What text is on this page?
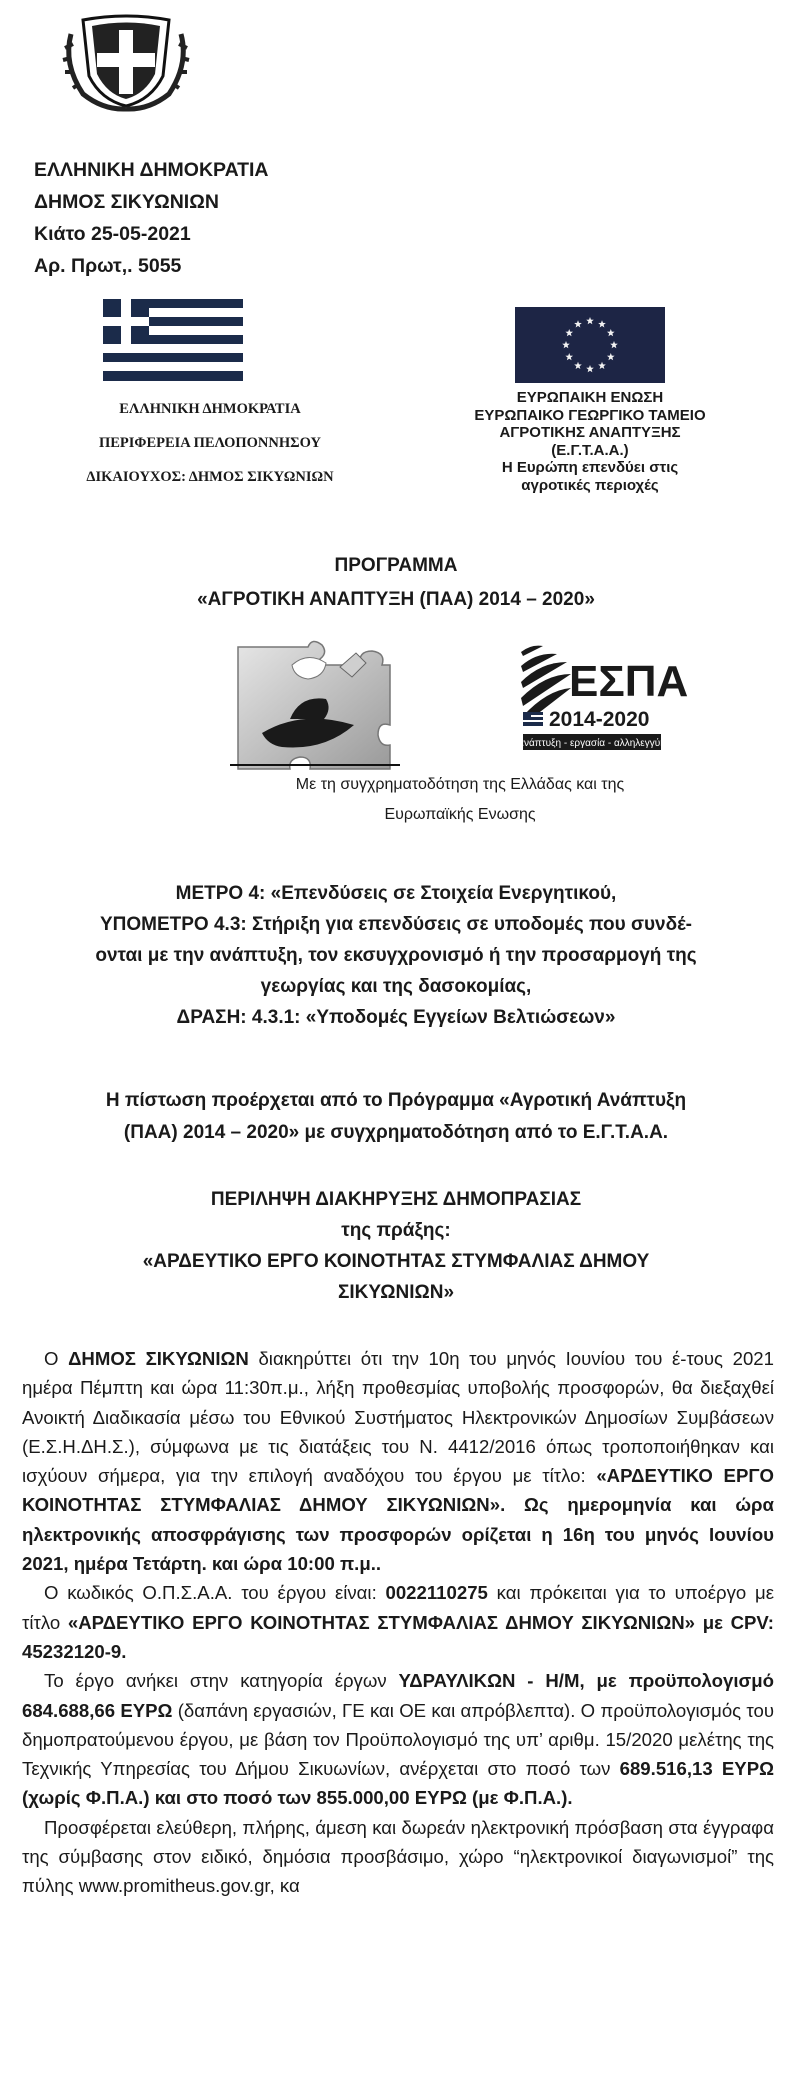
ΕΛΛΗΝΙΚΗ ΔΗΜΟΚΡΑΤΙΑ
ΔΗΜΟΣ ΣΙΚΥΩΝΙΩΝ
Κιάτο 25-05-2021
Αρ. Πρωτ,. 5055
ΕΛΛΗΝΙΚΗ ΔΗΜΟΚΡΑΤΙΑ
ΠΕΡΙΦΕΡΕΙΑ ΠΕΛΟΠΟΝΝΗΣΟΥ
ΔΙΚΑΙΟΥΧΟΣ: ΔΗΜΟΣ ΣΙΚΥΩΝΙΩΝ
ΕΥΡΩΠΑΙΚΗ ΕΝΩΣΗ
ΕΥΡΩΠΑΙΚΟ ΓΕΩΡΓΙΚΟ ΤΑΜΕΙΟ
ΑΓΡΟΤΙΚΗΣ ΑΝΑΠΤΥΞΗΣ
(Ε.Γ.Τ.Α.Α.)
Η Ευρώπη επενδύει στις
αγροτικές περιοχές
ΠΡΟΓΡΑΜΜΑ
«ΑΓΡΟΤΙΚΗ ΑΝΑΠΤΥΞΗ (ΠΑΑ) 2014 – 2020»
ΕΣΠΑ
2014-2020
ανάπτυξη - εργασία - αλληλεγγύη
Με τη συγχρηματοδότηση της Ελλάδας και της
Ευρωπαϊκής Ενωσης
ΜΕΤΡΟ 4: «Επενδύσεις σε Στοιχεία Ενεργητικού,
ΥΠΟΜΕΤΡΟ 4.3: Στήριξη για επενδύσεις σε υποδομές που συνδέ-
ονται με την ανάπτυξη, τον εκσυγχρονισμό ή την προσαρμογή της
γεωργίας και της δασοκομίας,
ΔΡΑΣΗ: 4.3.1: «Υποδομές Εγγείων Βελτιώσεων»
Η πίστωση προέρχεται από το Πρόγραμμα «Αγροτική Ανάπτυξη
(ΠΑΑ) 2014 – 2020» με συγχρηματοδότηση από το Ε.Γ.Τ.Α.Α.
ΠΕΡΙΛΗΨΗ ΔΙΑΚΗΡΥΞΗΣ ΔΗΜΟΠΡΑΣΙΑΣ
της πράξης:
«ΑΡΔΕΥΤΙΚΟ ΕΡΓΟ ΚΟΙΝΟΤΗΤΑΣ ΣΤΥΜΦΑΛΙΑΣ ΔΗΜΟΥ
ΣΙΚΥΩΝΙΩΝ»

Ο ΔΗΜΟΣ ΣΙΚΥΩΝΙΩΝ διακηρύττει ότι την 10η του μηνός Ιουνίου του έ-τους 2021 ημέρα Πέμπτη και ώρα 11:30π.μ., λήξη προθεσμίας υποβολής προσφορών, θα διεξαχθεί Ανοικτή Διαδικασία μέσω του Εθνικού Συστήματος Ηλεκτρονικών Δημοσίων Συμβάσεων (Ε.Σ.Η.ΔΗ.Σ.), σύμφωνα με τις διατάξεις του Ν. 4412/2016 όπως τροποποιήθηκαν και ισχύουν σήμερα, για την επιλογή αναδόχου του έργου με τίτλο: «ΑΡΔΕΥΤΙΚΟ ΕΡΓΟ ΚΟΙΝΟΤΗΤΑΣ ΣΤΥΜΦΑΛΙΑΣ ΔΗΜΟΥ ΣΙΚΥΩΝΙΩΝ». Ως ημερομηνία και ώρα ηλεκτρονικής αποσφράγισης των προσφορών ορίζεται η 16η του μηνός Ιουνίου 2021, ημέρα Τετάρτη. και ώρα 10:00 π.μ..

Ο κωδικός Ο.Π.Σ.Α.Α. του έργου είναι: 0022110275 και πρόκειται για το υποέργο με τίτλο «ΑΡΔΕΥΤΙΚΟ ΕΡΓΟ ΚΟΙΝΟΤΗΤΑΣ ΣΤΥΜΦΑΛΙΑΣ ΔΗΜΟΥ ΣΙΚΥΩΝΙΩΝ» με CPV: 45232120-9.

Το έργο ανήκει στην κατηγορία έργων ΥΔΡΑΥΛΙΚΩΝ - Η/Μ, με προϋπολογισμό 684.688,66 ΕΥΡΩ (δαπάνη εργασιών, ΓΕ και ΟΕ και απρόβλεπτα). Ο προϋπολογισμός του δημοπρατούμενου έργου, με βάση τον Προϋπολογισμό της υπ’ αριθμ. 15/2020 μελέτης της Τεχνικής Υπηρεσίας του Δήμου Σικυωνίων, ανέρχεται στο ποσό των 689.516,13 ΕΥΡΩ (χωρίς Φ.Π.Α.) και στο ποσό των 855.000,00 ΕΥΡΩ (με Φ.Π.Α.).

Προσφέρεται ελεύθερη, πλήρης, άμεση και δωρεάν ηλεκτρονική πρόσβαση στα έγγραφα της σύμβασης στον ειδικό, δημόσια προσβάσιμο, χώρο “ηλεκτρονικοί διαγωνισμοί” της πύλης www.promitheus.gov.gr, κα
